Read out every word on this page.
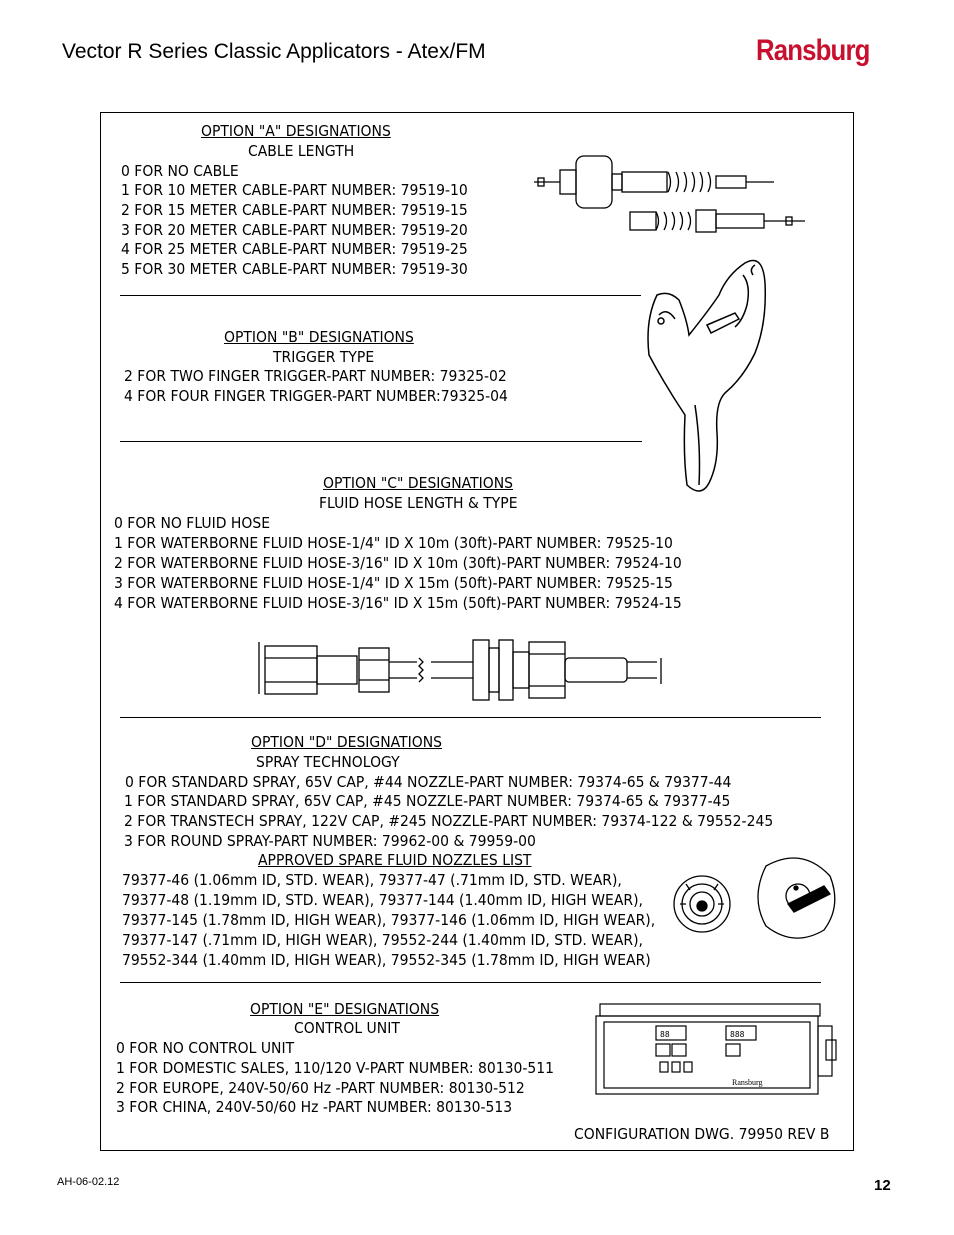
Vector R Series Classic Applicators - Atex/FM	Ransburg
OPTION "A" DESIGNATIONS
CABLE LENGTH
0 FOR NO CABLE
1 FOR 10 METER CABLE-PART NUMBER: 79519-10
2 FOR 15 METER CABLE-PART NUMBER: 79519-15
3 FOR 20 METER CABLE-PART NUMBER: 79519-20
4 FOR 25 METER CABLE-PART NUMBER: 79519-25
5 FOR 30 METER CABLE-PART NUMBER: 79519-30
OPTION "B" DESIGNATIONS
TRIGGER TYPE
2 FOR TWO FINGER TRIGGER-PART NUMBER: 79325-02
4 FOR FOUR FINGER TRIGGER-PART NUMBER:79325-04
OPTION "C" DESIGNATIONS
FLUID HOSE LENGTH & TYPE
0 FOR NO FLUID HOSE
1 FOR WATERBORNE FLUID HOSE-1/4" ID X 10m (30ft)-PART NUMBER: 79525-10
2 FOR WATERBORNE FLUID HOSE-3/16" ID X 10m (30ft)-PART NUMBER: 79524-10
3 FOR WATERBORNE FLUID HOSE-1/4" ID X 15m (50ft)-PART NUMBER: 79525-15
4 FOR WATERBORNE FLUID HOSE-3/16" ID X 15m (50ft)-PART NUMBER: 79524-15
OPTION "D" DESIGNATIONS
SPRAY TECHNOLOGY
0 FOR STANDARD SPRAY, 65V CAP, #44 NOZZLE-PART NUMBER: 79374-65 & 79377-44
1 FOR STANDARD SPRAY, 65V CAP, #45 NOZZLE-PART NUMBER: 79374-65 & 79377-45
2 FOR TRANSTECH SPRAY, 122V CAP, #245 NOZZLE-PART NUMBER: 79374-122 & 79552-245
3 FOR ROUND SPRAY-PART NUMBER: 79962-00 & 79959-00
APPROVED SPARE FLUID NOZZLES LIST
79377-46 (1.06mm ID, STD. WEAR), 79377-47 (.71mm ID, STD. WEAR),
79377-48 (1.19mm ID, STD. WEAR), 79377-144 (1.40mm ID, HIGH WEAR),
79377-145 (1.78mm ID, HIGH WEAR), 79377-146 (1.06mm ID, HIGH WEAR),
79377-147 (.71mm ID, HIGH WEAR), 79552-244 (1.40mm ID, STD. WEAR),
79552-344 (1.40mm ID, HIGH WEAR), 79552-345 (1.78mm ID, HIGH WEAR)
OPTION "E" DESIGNATIONS
CONTROL UNIT
0 FOR NO CONTROL UNIT
1 FOR DOMESTIC SALES, 110/120 V-PART NUMBER: 80130-511
2 FOR EUROPE, 240V-50/60 Hz -PART NUMBER: 80130-512
3 FOR CHINA, 240V-50/60 Hz -PART NUMBER: 80130-513
88	888
Ransburg
CONFIGURATION DWG. 79950 REV B
AH-06-02.12	12
